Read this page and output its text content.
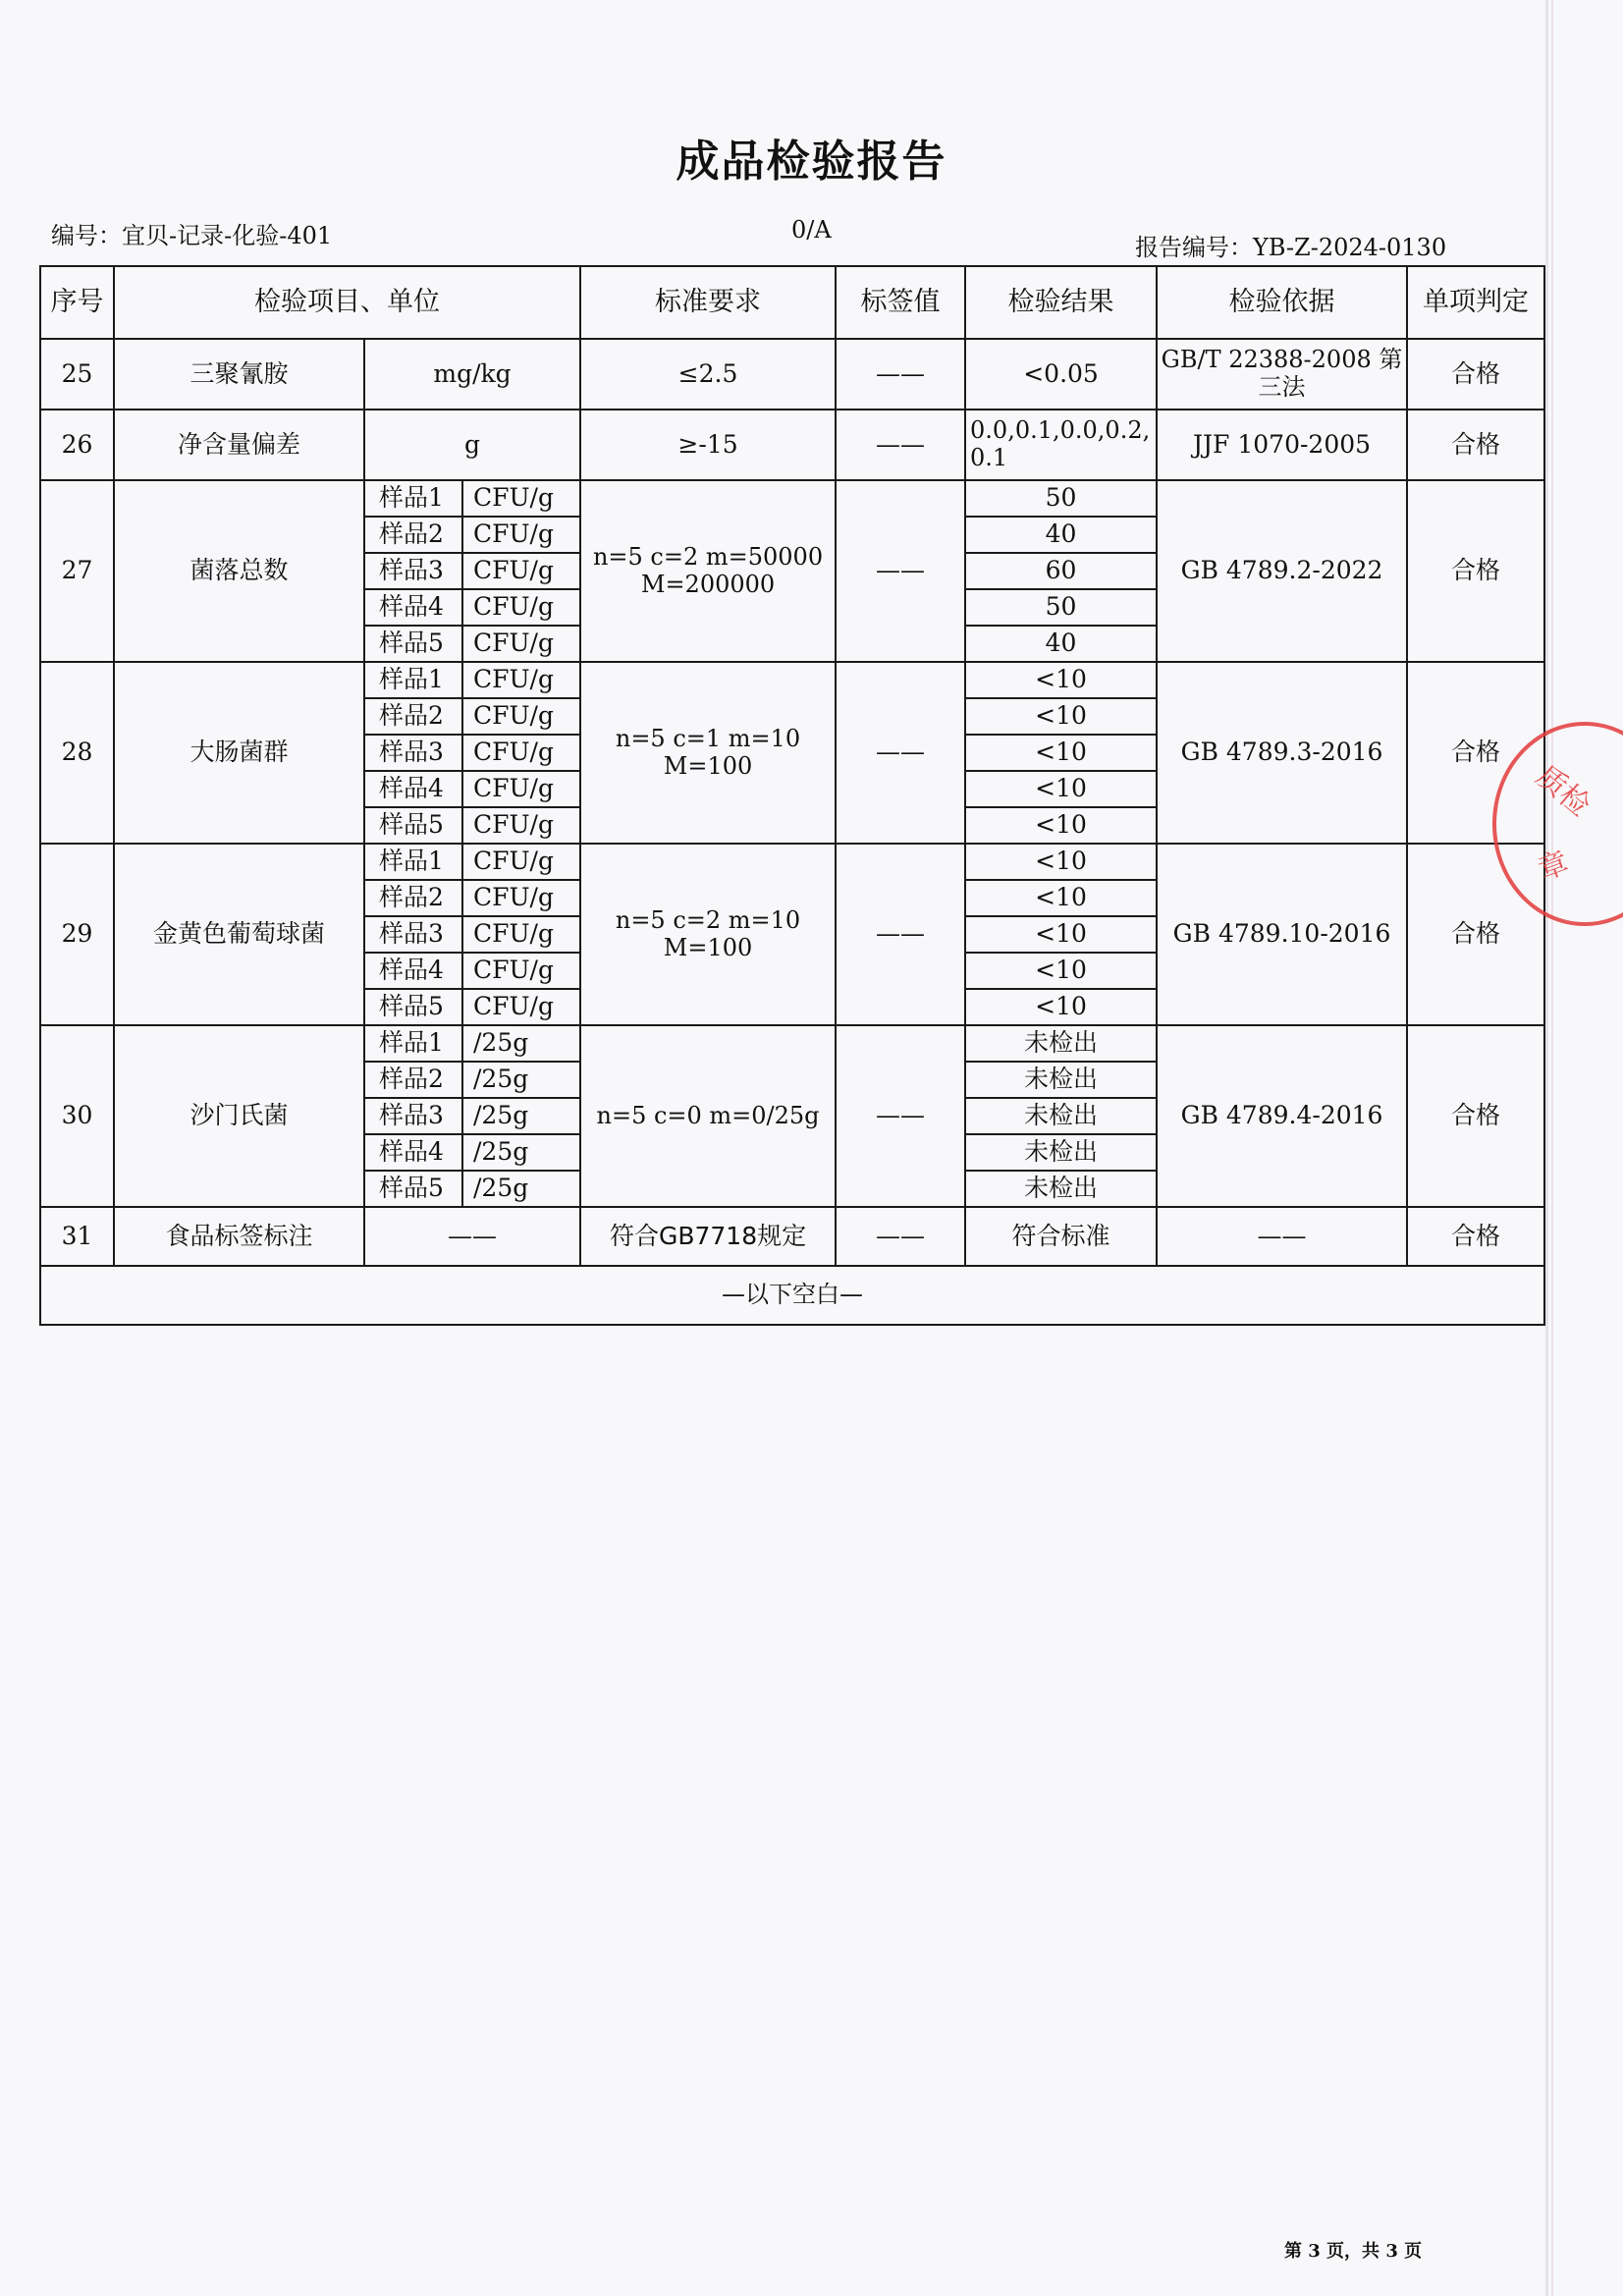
成品检验报告
编号：宜贝-记录-化验-401	0/A
报告编号：YB-Z-2024-0130
序号	检验项目、单位			标准要求	标签值	检验结果	检验依据	单项判定
25	三聚氰胺	mg/kg		≤2.5	——	<0.05	GB/T 22388-2008 第三法	合格
26	净含量偏差	g		≥-15	——	0.0,0.1,0.0,0.2,0.1	JJF 1070-2005	合格
27	菌落总数	样品1	CFU/g	n=5 c=2 m=50000 M=200000	——	50	GB 4789.2-2022	合格
		样品2	CFU/g			40		
		样品3	CFU/g			60		
		样品4	CFU/g			50		
		样品5	CFU/g			40		
28	大肠菌群	样品1	CFU/g	n=5 c=1 m=10 M=100	——	<10	GB 4789.3-2016	合格
		样品2	CFU/g			<10		
		样品3	CFU/g			<10		
		样品4	CFU/g			<10		
		样品5	CFU/g			<10		
29	金黄色葡萄球菌	样品1	CFU/g	n=5 c=2 m=10 M=100	——	<10	GB 4789.10-2016	合格
		样品2	CFU/g			<10		
		样品3	CFU/g			<10		
		样品4	CFU/g			<10		
		样品5	CFU/g			<10		
30	沙门氏菌	样品1	/25g	n=5 c=0 m=0/25g	——	未检出	GB 4789.4-2016	合格
		样品2	/25g			未检出		
		样品3	/25g			未检出		
		样品4	/25g			未检出		
		样品5	/25g			未检出		
31	食品标签标注	——		符合GB7718规定	——	符合标准	——	合格
—以下空白—								
质检
章
第 3 页，共 3 页
